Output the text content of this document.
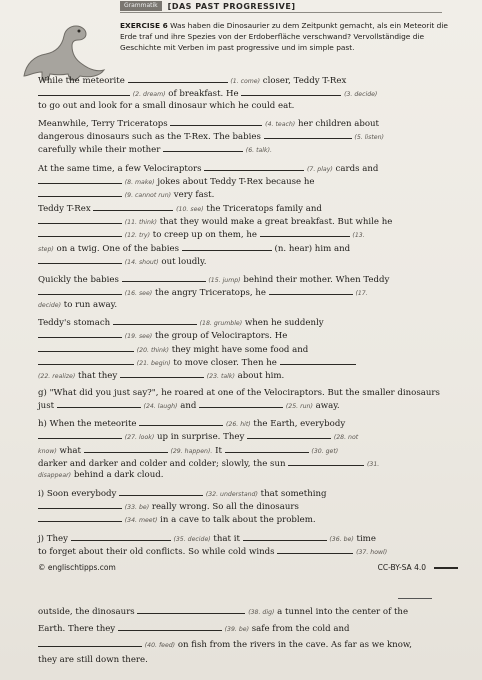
Grammatik	[DAS PAST PROGRESSIVE]
EXERCISE 6 Was haben die Dinosaurier zu dem Zeitpunkt gemacht, als ein Meteorit die Erde traf und ihre Spezies von der Erdoberfläche verschwand? Vervollständige die Geschichte mit Verben im past progressive und im simple past.

While the meteorite	(1. come) closer, Teddy T-Rex
(2. dream) of breakfast. He	(3. decide)
to go out and look for a small dinosaur which he could eat.

Meanwhile, Terry Triceratops	(4. teach) her children about
dangerous dinosaurs such as the T-Rex. The babies	(5. listen)
carefully while their mother	(6. talk).

At the same time, a few Velociraptors	(7. play) cards and
(8. make) jokes about Teddy T-Rex because he
(9. cannot run) very fast.
Teddy T-Rex	(10. see) the Triceratops family and
(11. think) that they would make a great breakfast. But while he
(12. try) to creep up on them, he	(13.
step) on a twig. One of the babies	(n. hear) him and
(14. shout) out loudly.

Quickly the babies	(15. jump) behind their mother. When Teddy
(16. see) the angry Triceratops, he	(17.
decide) to run away.

Teddy's stomach	(18. grumble) when he suddenly
(19. see) the group of Velociraptors. He
(20. think) they might have some food and
(21. begin) to move closer. Then he
(22. realize) that they	(23. talk) about him.

g) "What did you just say?", he roared at one of the Velociraptors. But the smaller dinosaurs
just	(24. laugh) and	(25. run) away.

h) When the meteorite	(26. hit) the Earth, everybody
(27. look) up in surprise. They	(28. not
know) what	(29. happen). It	(30. get)
darker and darker and colder and colder; slowly, the sun	(31.
disappear) behind a dark cloud.

i) Soon everybody	(32. understand) that something
(33. be) really wrong. So all the dinosaurs
(34. meet) in a cave to talk about the problem.

j) They	(35. decide) that it	(36. be) time
to forget about their old conflicts. So while cold winds	(37. howl)

© englischtipps.com	CC-BY-SA 4.0

outside, the dinosaurs	(38. dig) a tunnel into the center of the

Earth. There they	(39. be) safe from the cold and

(40. feed) on fish from the rivers in the cave. As far as we know,

they are still down there.
